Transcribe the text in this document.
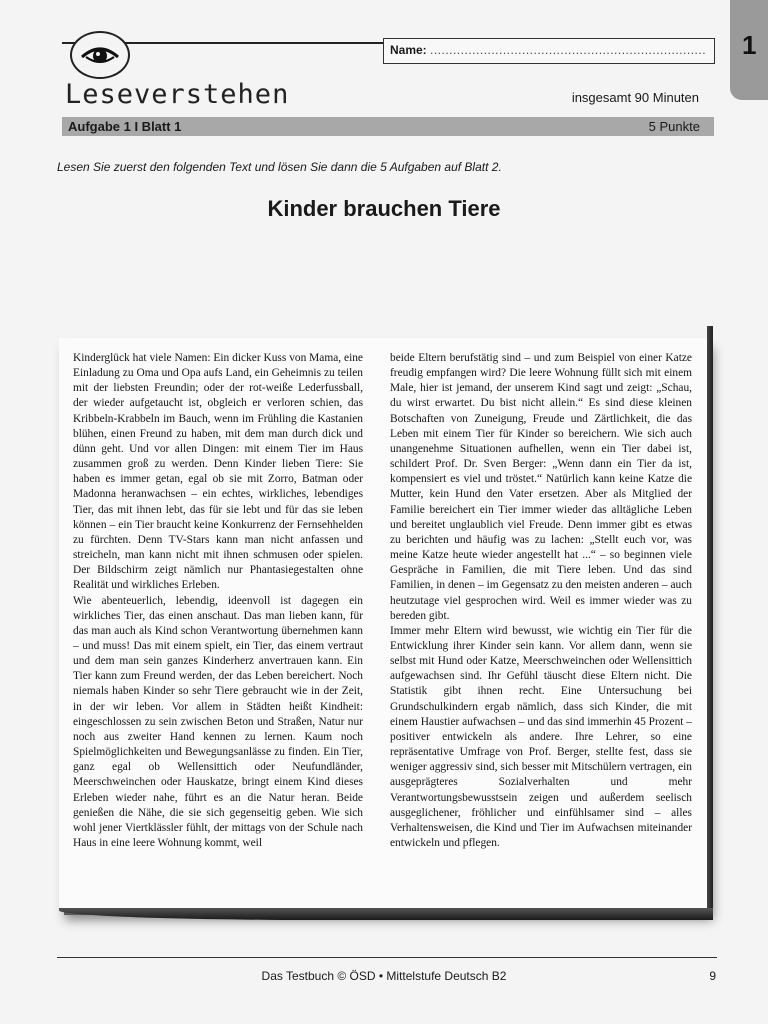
1
Name: ........................................................................
Leseverstehen	insgesamt 90 Minuten
Aufgabe 1 I Blatt 1	5 Punkte
Lesen Sie zuerst den folgenden Text und lösen Sie dann die 5 Aufgaben auf Blatt 2.
Kinder brauchen Tiere

Kinderglück hat viele Namen: Ein dicker Kuss von Mama, eine Einladung zu Oma und Opa aufs Land, ein Geheimnis zu teilen mit der liebsten Freundin; oder der rot-weiße Lederfussball, der wieder aufgetaucht ist, obgleich er verloren schien, das Kribbeln-Krabbeln im Bauch, wenn im Frühling die Kastanien blühen, einen Freund zu haben, mit dem man durch dick und dünn geht. Und vor allen Dingen: mit einem Tier im Haus zusammen groß zu werden. Denn Kinder lieben Tiere: Sie haben es immer getan, egal ob sie mit Zorro, Batman oder Madonna heranwachsen – ein echtes, wirkliches, lebendiges Tier, das mit ihnen lebt, das für sie lebt und für das sie leben können – ein Tier braucht keine Konkurrenz der Fernsehhelden zu fürchten. Denn TV-Stars kann man nicht anfassen und streicheln, man kann nicht mit ihnen schmusen oder spielen. Der Bildschirm zeigt nämlich nur Phantasiegestalten ohne Realität und wirkliches Erleben.

Wie abenteuerlich, lebendig, ideenvoll ist dagegen ein wirkliches Tier, das einen anschaut. Das man lieben kann, für das man auch als Kind schon Verantwortung übernehmen kann – und muss! Das mit einem spielt, ein Tier, das einem vertraut und dem man sein ganzes Kinderherz anvertrauen kann. Ein Tier kann zum Freund werden, der das Leben bereichert. Noch niemals haben Kinder so sehr Tiere gebraucht wie in der Zeit, in der wir leben. Vor allem in Städten heißt Kindheit: eingeschlossen zu sein zwischen Beton und Straßen, Natur nur noch aus zweiter Hand kennen zu lernen. Kaum noch Spielmöglichkeiten und Bewegungsanlässe zu finden. Ein Tier, ganz egal ob Wellensittich oder Neufundländer, Meerschweinchen oder Hauskatze, bringt einem Kind dieses Erleben wieder nahe, führt es an die Natur heran. Beide genießen die Nähe, die sie sich gegenseitig geben. Wie sich wohl jener Viertklässler fühlt, der mittags von der Schule nach Haus in eine leere Wohnung kommt, weil

beide Eltern berufstätig sind – und zum Beispiel von einer Katze freudig empfangen wird? Die leere Wohnung füllt sich mit einem Male, hier ist jemand, der unserem Kind sagt und zeigt: „Schau, du wirst erwartet. Du bist nicht allein.“ Es sind diese kleinen Botschaften von Zuneigung, Freude und Zärtlichkeit, die das Leben mit einem Tier für Kinder so bereichern. Wie sich auch unangenehme Situationen aufhellen, wenn ein Tier dabei ist, schildert Prof. Dr. Sven Berger: „Wenn dann ein Tier da ist, kompensiert es viel und tröstet.“ Natürlich kann keine Katze die Mutter, kein Hund den Vater ersetzen. Aber als Mitglied der Familie bereichert ein Tier immer wieder das alltägliche Leben und bereitet unglaublich viel Freude. Denn immer gibt es etwas zu berichten und häufig was zu lachen: „Stellt euch vor, was meine Katze heute wieder angestellt hat ...“ – so beginnen viele Gespräche in Familien, die mit Tiere leben. Und das sind Familien, in denen – im Gegensatz zu den meisten anderen – auch heutzutage viel gesprochen wird. Weil es immer wieder was zu bereden gibt.

Immer mehr Eltern wird bewusst, wie wichtig ein Tier für die Entwicklung ihrer Kinder sein kann. Vor allem dann, wenn sie selbst mit Hund oder Katze, Meerschweinchen oder Wellensittich aufgewachsen sind. Ihr Gefühl täuscht diese Eltern nicht. Die Statistik gibt ihnen recht. Eine Untersuchung bei Grundschulkindern ergab nämlich, dass sich Kinder, die mit einem Haustier aufwachsen – und das sind immerhin 45 Prozent – positiver entwickeln als andere. Ihre Lehrer, so eine repräsentative Umfrage von Prof. Berger, stellte fest, dass sie weniger aggressiv sind, sich besser mit Mitschülern vertragen, ein ausgeprägteres Sozialverhalten und mehr Verantwortungsbewusstsein zeigen und außerdem seelisch ausgeglichener, fröhlicher und einfühlsamer sind – alles Verhaltensweisen, die Kind und Tier im Aufwachsen miteinander entwickeln und pflegen.

Das Testbuch © ÖSD • Mittelstufe Deutsch B2	9
